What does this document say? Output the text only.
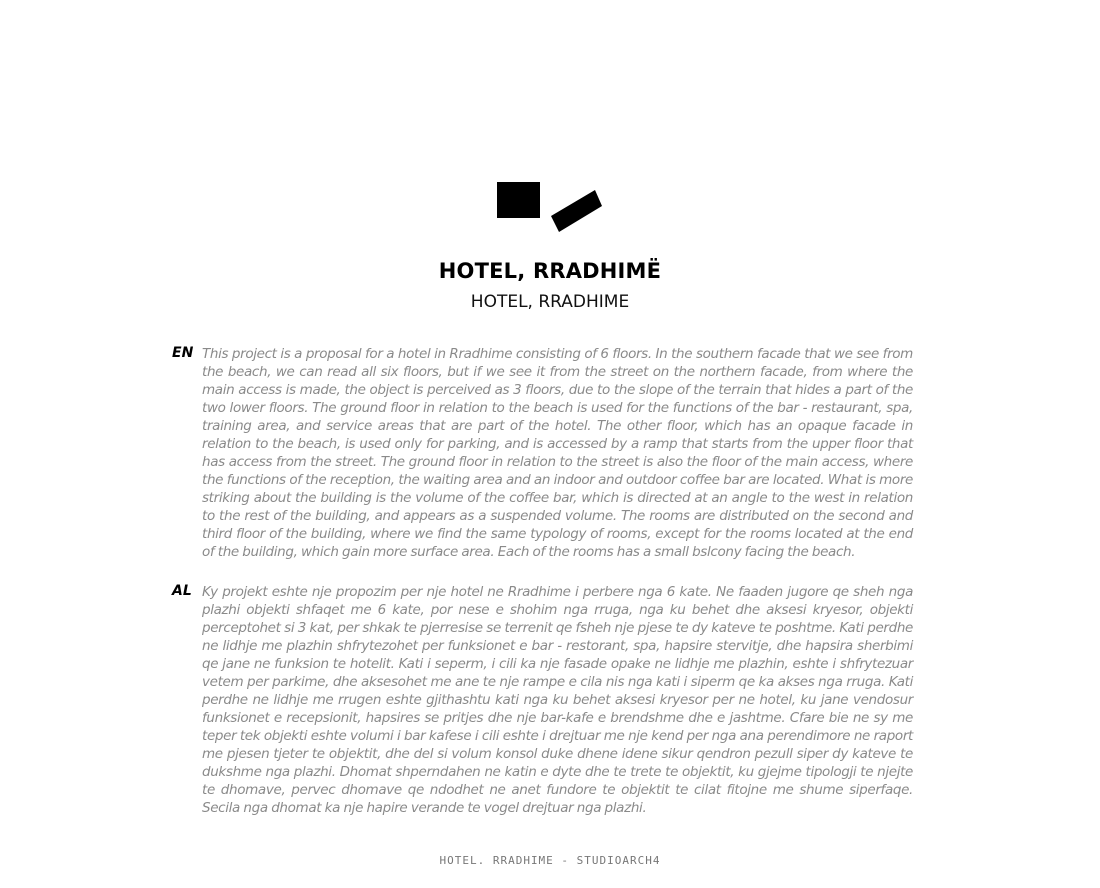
HOTEL, RRADHIMË
HOTEL, RRADHIME
EN This project is a proposal for a hotel in Rradhime consisting of 6 floors. In the southern facade that we see from the beach, we can read all six floors, but if we see it from the street on the northern facade, from where the main access is made, the object is perceived as 3 floors, due to the slope of the terrain that hides a part of the two lower floors. The ground floor in relation to the beach is used for the functions of the bar - restaurant, spa, training area, and service areas that are part of the hotel. The other floor, which has an opaque facade in relation to the beach, is used only for parking, and is accessed by a ramp that starts from the upper floor that has access from the street. The ground floor in relation to the street is also the floor of the main access, where the functions of the reception, the waiting area and an indoor and outdoor coffee bar are located. What is more striking about the building is the volume of the coffee bar, which is directed at an angle to the west in relation to the rest of the building, and appears as a suspended volume. The rooms are distributed on the second and third floor of the building, where we find the same typology of rooms, except for the rooms located at the end of the building, which gain more surface area. Each of the rooms has a small bslcony facing the beach.

AL Ky projekt eshte nje propozim per nje hotel ne Rradhime i perbere nga 6 kate. Ne faaden jugore qe sheh nga plazhi objekti shfaqet me 6 kate, por nese e shohim nga rruga, nga ku behet dhe aksesi kryesor, objekti perceptohet si 3 kat, per shkak te pjerresise se terrenit qe fsheh nje pjese te dy kateve te poshtme. Kati perdhe ne lidhje me plazhin shfrytezohet per funksionet e bar - restorant, spa, hapsire stervitje, dhe hapsira sherbimi qe jane ne funksion te hotelit. Kati i seperm, i cili ka nje fasade opake ne lidhje me plazhin, eshte i shfrytezuar vetem per parkime, dhe aksesohet me ane te nje rampe e cila nis nga kati i siperm qe ka akses nga rruga. Kati perdhe ne lidhje me rrugen eshte gjithashtu kati nga ku behet aksesi kryesor per ne hotel, ku jane vendosur funksionet e recepsionit, hapsires se pritjes dhe nje bar-kafe e brendshme dhe e jashtme. Cfare bie ne sy me teper tek objekti eshte volumi i bar kafese i cili eshte i drejtuar me nje kend per nga ana perendimore ne raport me pjesen tjeter te objektit, dhe del si volum konsol duke dhene idene sikur qendron pezull siper dy kateve te dukshme nga plazhi. Dhomat shperndahen ne katin e dyte dhe te trete te objektit, ku gjejme tipologji te njejte te dhomave, pervec dhomave qe ndodhet ne anet fundore te objektit te cilat fitojne me shume siperfaqe. Secila nga dhomat ka nje hapire verande te vogel drejtuar nga plazhi.

HOTEL. RRADHIME - STUDIOARCH4
